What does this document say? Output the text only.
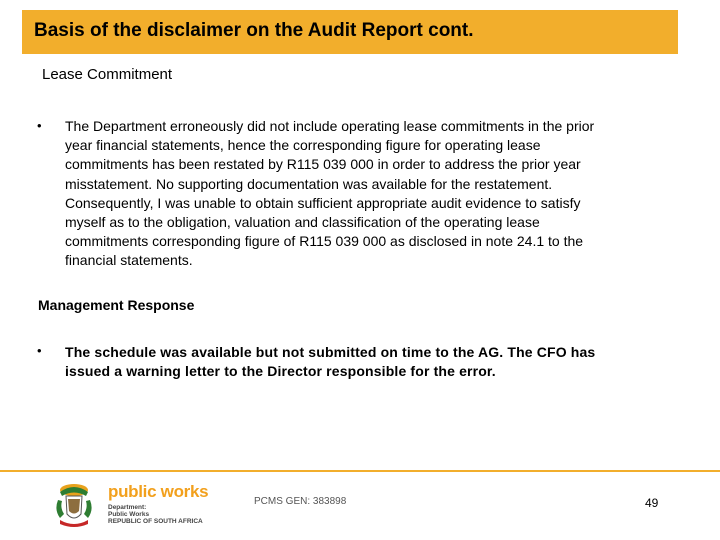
Basis of the disclaimer on the Audit Report cont.
Lease Commitment
• The Department erroneously did not include operating lease commitments in the prior
year financial statements, hence the corresponding figure for operating lease
commitments has been restated by R115 039 000 in order to address the prior year
misstatement. No supporting documentation was available for the restatement.
Consequently, I was unable to obtain sufficient appropriate audit evidence to satisfy
myself as to the obligation, valuation and classification of the operating lease
commitments corresponding figure of R115 039 000 as disclosed in note 24.1 to the
financial statements.
Management Response
• The schedule was available but not submitted on time to the AG. The CFO has
issued a warning letter to the Director responsible for the error.
public works
Department:
Public Works
REPUBLIC OF SOUTH AFRICA
PCMS GEN: 383898	49
